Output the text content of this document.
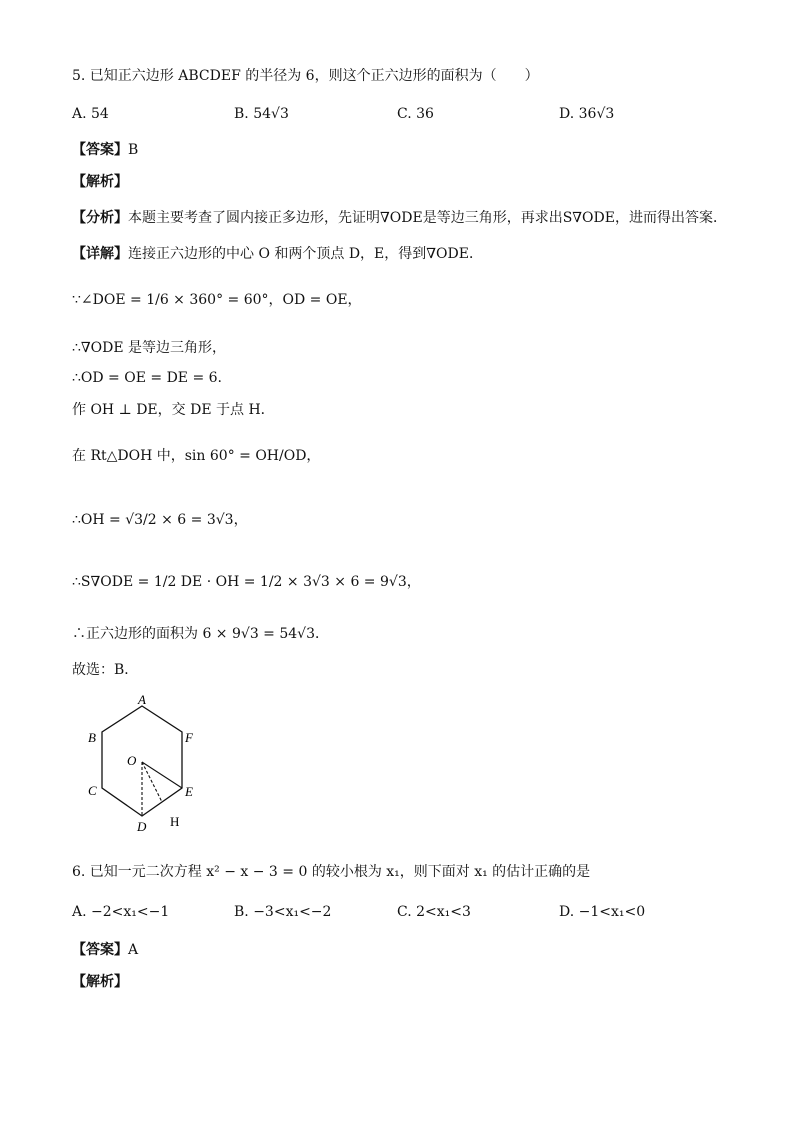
5. 已知正六边形 ABCDEF 的半径为 6，则这个正六边形的面积为（　　）
A. 54	B. 54√3	C. 36	D. 36√3
【答案】B
【解析】
【分析】本题主要考查了圆内接正多边形，先证明∇ODE是等边三角形，再求出S∇ODE，进而得出答案．
【详解】连接正六边形的中心 O 和两个顶点 D，E，得到∇ODE．
∵∠DOE = 1/6 × 360° = 60°，OD = OE，
∴∇ODE 是等边三角形，
∴OD = OE = DE = 6.
作 OH ⊥ DE，交 DE 于点 H．
在 Rt△DOH 中，sin 60° = OH/OD，
∴OH = √3/2 × 6 = 3√3，
∴S∇ODE = 1/2 DE · OH = 1/2 × 3√3 × 6 = 9√3，
∴正六边形的面积为 6 × 9√3 = 54√3．
故选：B．
A
B
C
D
E
F
O
H
6. 已知一元二次方程 x² − x − 3 = 0 的较小根为 x₁，则下面对 x₁ 的估计正确的是
A. −2<x₁<−1	B. −3<x₁<−2	C. 2<x₁<3	D. −1<x₁<0
【答案】A
【解析】
